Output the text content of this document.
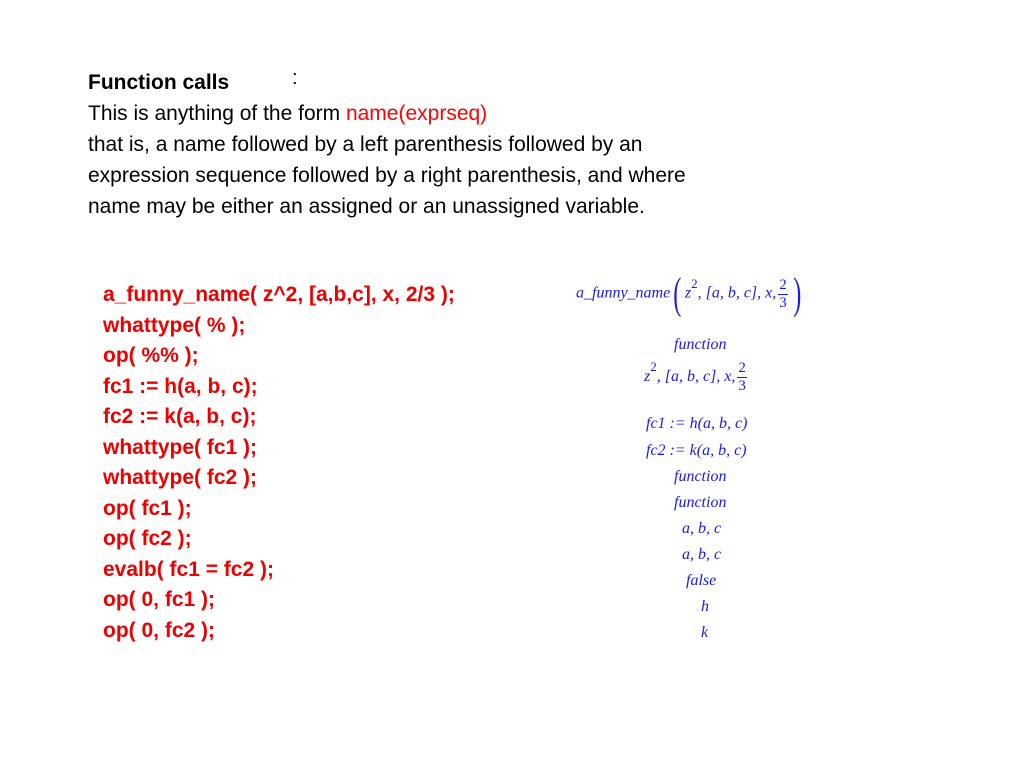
Function calls
This is anything of the form name(exprseq)
that is, a name followed by a left parenthesis followed by an
expression sequence followed by a right parenthesis, and where
name may be either an assigned or an unassigned variable.
:
a_funny_name( z^2, [a,b,c], x, 2/3 );
whattype( % );
op( %% );
fc1 := h(a, b, c);
fc2 := k(a, b, c);
whattype( fc1 );
whattype( fc2 );
op( fc1 );
op( fc2 );
evalb( fc1 = fc2 );
op( 0, fc1 );
op( 0, fc2 );
a_funny_name( $z^2$, [a, b, c], x, $\frac{2}{3}$ )
function
$z^2$, [a, b, c], x, $\frac{2}{3}$
fc1 := h(a, b, c)
fc2 := k(a, b, c)
function
function
a, b, c
a, b, c
false
h
k
